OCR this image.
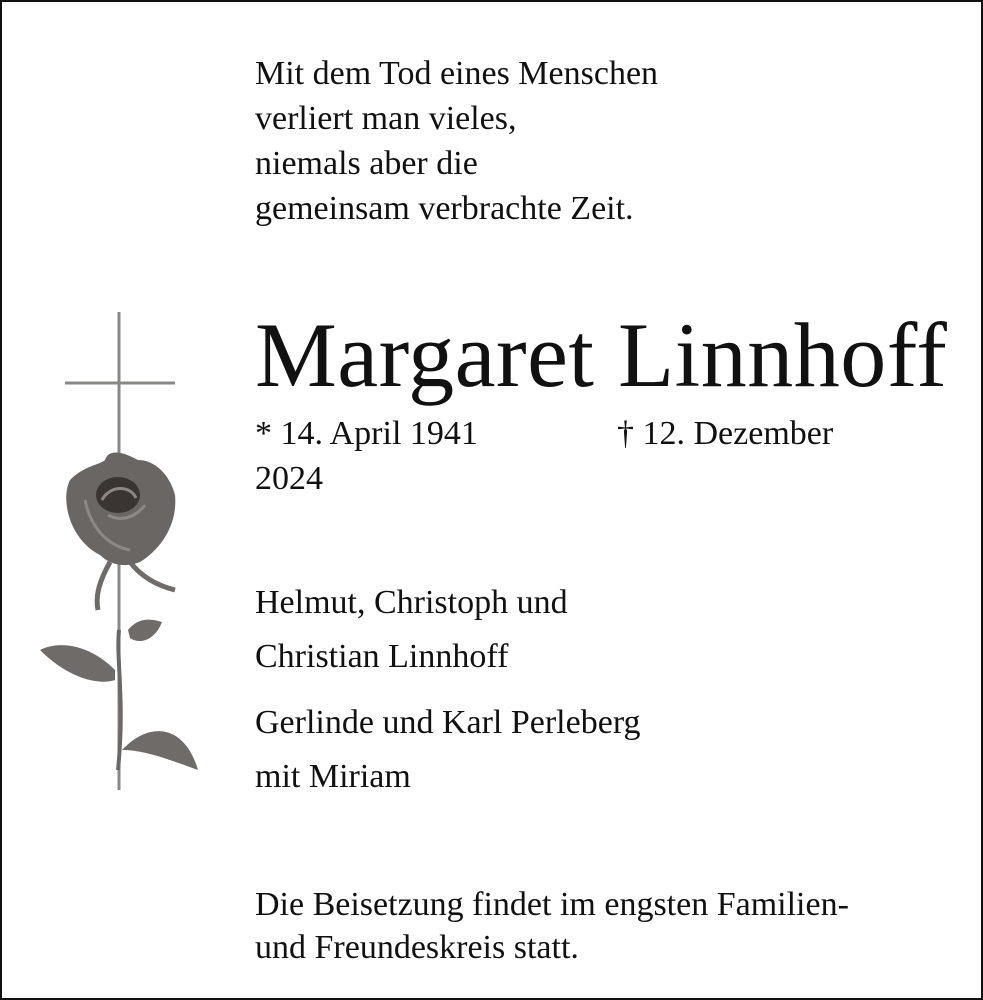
Mit dem Tod eines Menschen
verliert man vieles,
niemals aber die
gemeinsam verbrachte Zeit.
Margaret Linnhoff
* 14. April 1941	† 12. Dezember
2024
Helmut, Christoph und
Christian Linnhoff
Gerlinde und Karl Perleberg
mit Miriam
Die Beisetzung findet im engsten Familien-
und Freundeskreis statt.
